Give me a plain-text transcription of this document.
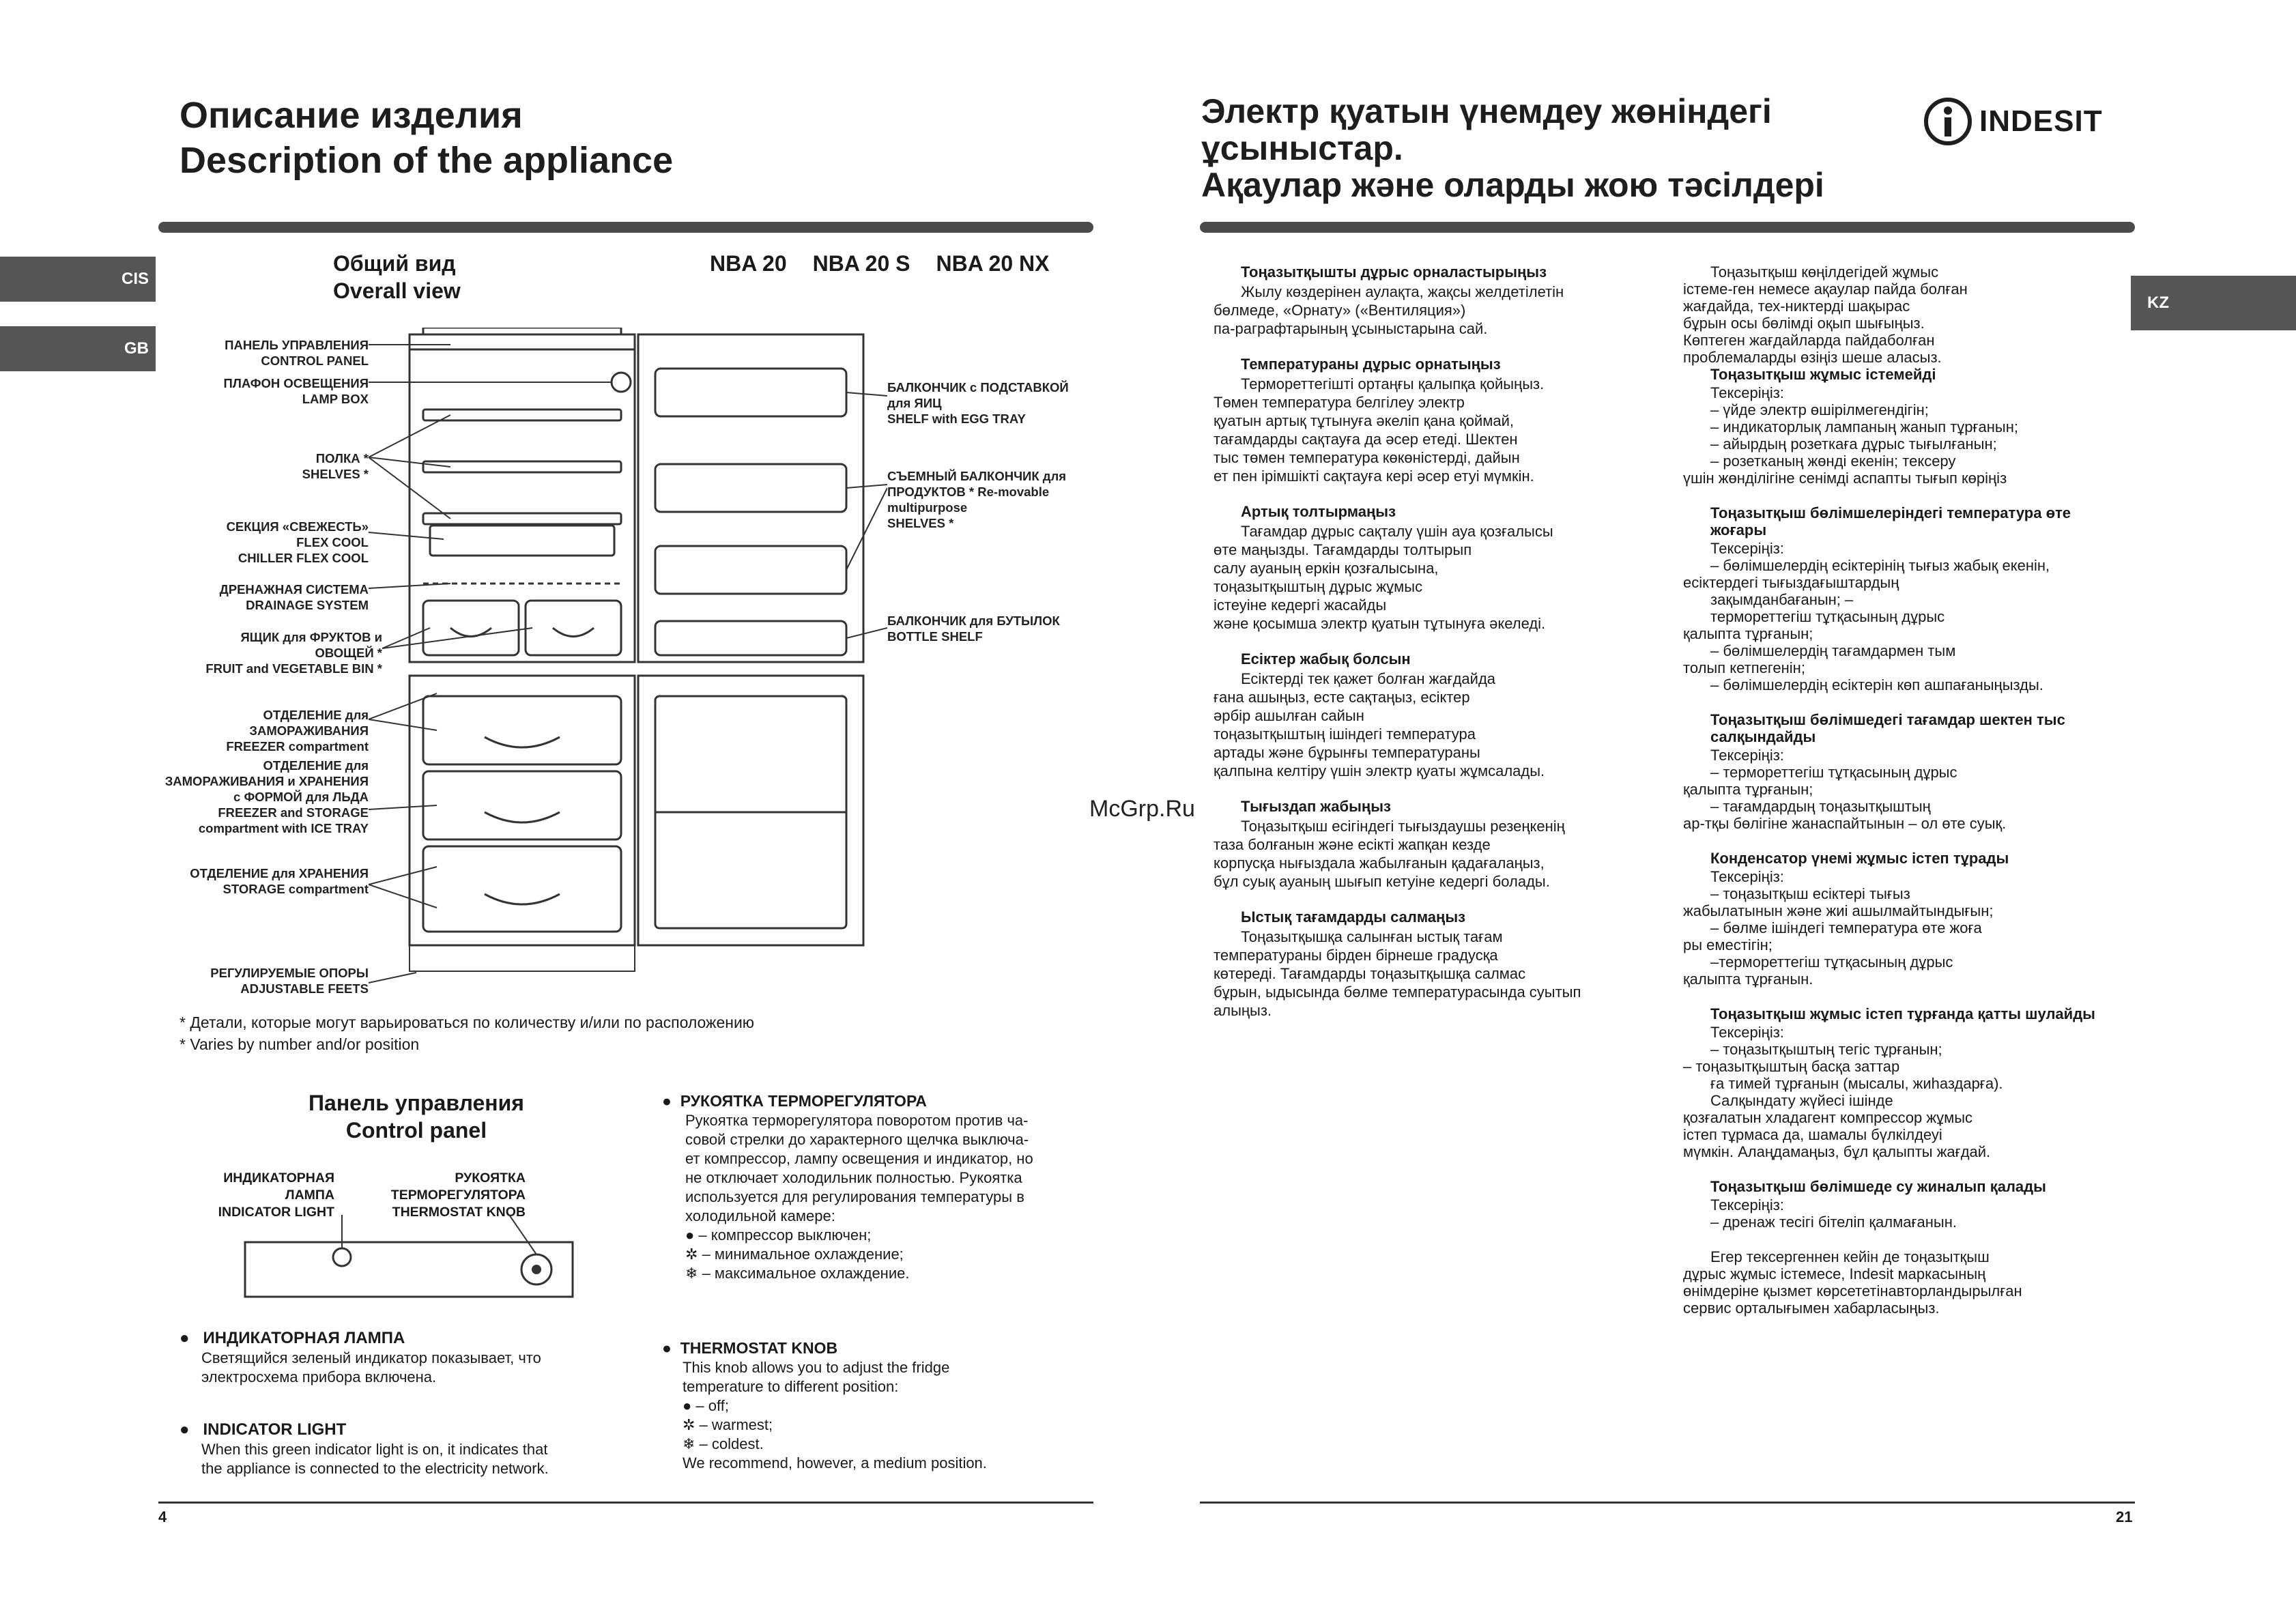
Описание изделия
Description of the appliance
CIS
GB
Общий вид
Overall view
NBA 20 NBA 20 S NBA 20 NX
ПАНЕЛЬ УПРАВЛЕНИЯ
CONTROL PANEL
ПЛАФОН ОСВЕЩЕНИЯ
LAMP BOX
ПОЛКА *
SHELVES *
СЕКЦИЯ «СВЕЖЕСТЬ» FLEX COOL
CHILLER FLEX COOL
ДРЕНАЖНАЯ СИСТЕМА
DRAINAGE SYSTEM
ЯЩИК для ФРУКТОВ и ОВОЩЕЙ *
FRUIT and VEGETABLE BIN *
ОТДЕЛЕНИЕ для ЗАМОРАЖИВАНИЯ
FREEZER compartment
ОТДЕЛЕНИЕ для ЗАМОРАЖИВАНИЯ и ХРАНЕНИЯ с ФОРМОЙ для ЛЬДА
FREEZER and STORAGE compartment with ICE TRAY
ОТДЕЛЕНИЕ для ХРАНЕНИЯ
STORAGE compartment
РЕГУЛИРУЕМЫЕ ОПОРЫ
ADJUSTABLE FEETS
БАЛКОНЧИК с ПОДСТАВКОЙ для ЯИЦ
SHELF with EGG TRAY
СЪЕМНЫЙ БАЛКОНЧИК для ПРОДУКТОВ * Re-movable multipurpose
SHELVES *
БАЛКОНЧИК для БУТЫЛОК
BOTTLE SHELF
* Детали, которые могут варьироваться по количеству и/или по расположению
* Varies by number and/or position
Панель управления
Control panel
ИНДИКАТОРНАЯ
ЛАМПА
INDICATOR LIGHT
РУКОЯТКА
ТЕРМОРЕГУЛЯТОРА
THERMOSTAT KNOB
● ИНДИКАТОРНАЯ ЛАМПА
Светящийся зеленый индикатор показывает, что
электросхема прибора включена.
● INDICATOR LIGHT
When this green indicator light is on, it indicates that
the appliance is connected to the electricity network.
● РУКОЯТКА ТЕРМОРЕГУЛЯТОРА
Рукоятка терморегулятора поворотом против ча-
совой стрелки до характерного щелчка выключа-
ет компрессор, лампу освещения и индикатор, но
не отключает холодильник полностью. Рукоятка
используется для регулирования температуры в
холодильной камере:
● – компрессор выключен;
✲ – минимальное охлаждение;
❄ – максимальное охлаждение.
● THERMOSTAT KNOB
This knob allows you to adjust the fridge
temperature to different position:
● – off;
✲ – warmest;
❄ – coldest.
We recommend, however, a medium position.
4
Электр қуатын үнемдеу жөніндегі
ұсыныстар.
Ақаулар және оларды жою тәсілдері
INDESIT
KZ
Тоңазытқышты дұрыс орналастырыңыз
Жылу көздерінен аулақта, жақсы желдетілетін
бөлмеде, «Орнату» («Вентиляция»)
па-раграфтарының ұсыныстарына сай.
Температураны дұрыс орнатыңыз
Термореттегішті ортаңғы қалыпқа қойыңыз.
Төмен температура белгілеу электр
қуатын артық тұтынуға әкеліп қана қоймай,
тағамдарды сақтауға да әсер етеді. Шектен
тыс төмен температура көкөністерді, дайын
ет пен ірімшікті сақтауға кері әсер етуі мүмкін.
Артық толтырмаңыз
Тағамдар дұрыс сақталу үшін ауа қозғалысы
өте маңызды. Тағамдарды толтырып
салу ауаның еркін қозғалысына,
тоңазытқыштың дұрыс жұмыс
істеуіне кедергі жасайды
және қосымша электр қуатын тұтынуға әкеледі.
Есіктер жабық болсын
Есіктерді тек қажет болған жағдайда
ғана ашыңыз, есте сақтаңыз, есіктер
әрбір ашылған сайын
тоңазытқыштың ішіндегі температура
артады және бұрынғы температураны
қалпына келтіру үшін электр қуаты жұмсалады.
Тығыздап жабыңыз
Тоңазытқыш есігіндегі тығыздаушы резеңкенің
таза болғанын және есікті жапқан кезде
корпусқа нығыздала жабылғанын қадағалаңыз,
бұл суық ауаның шығып кетуіне кедергі болады.
Ыстық тағамдарды салмаңыз
Тоңазытқышқа салынған ыстық тағам
температураны бірден бірнеше градусқа
көтереді. Тағамдарды тоңазытқышқа салмас
бұрын, ыдысында бөлме температурасында суытып
алыңыз.
McGrp.Ru
Тоңазытқыш көңілдегідей жұмыс
істеме-ген немесе ақаулар пайда болған
жағдайда, тех-никтерді шақырас
бұрын осы бөлімді оқып шығыңыз.
Көптеген жағдайларда пайдаболған
проблемаларды өзіңіз шеше аласыз.
Тоңазытқыш жұмыс істемейді
Тексеріңіз:
– үйде электр өшірілмегендігін;
– индикаторлық лампаның жанып тұрғанын;
– айырдың розеткаға дұрыс тығылғанын;
– розетканың жөнді екенін; тексеру
үшін жөнділігіне сенімді аспапты тығып көріңіз
Тоңазытқыш бөлімшелеріндегі температура өте жоғары
Тексеріңіз:
– бөлімшелердің есіктерінің тығыз жабық екенін,
есіктердегі тығыздағыштардың
зақымданбағанын; –
термореттегіш тұтқасының дұрыс
қалыпта тұрғанын;
– бөлімшелердің тағамдармен тым
толып кетпегенін;
– бөлімшелердің есіктерін көп ашпағаныңызды.
Тоңазытқыш бөлімшедегі тағамдар шектен тыс салқындайды
Тексеріңіз:
– термореттегіш тұтқасының дұрыс
қалыпта тұрғанын;
– тағамдардың тоңазытқыштың
ар-тқы бөлігіне жанаспайтынын – ол өте суық.
Конденсатор үнемі жұмыс істеп тұрады
Тексеріңіз:
– тоңазытқыш есіктері тығыз
жабылатынын және жиі ашылмайтындығын;
– бөлме ішіндегі температура өте жоға
ры еместігін;
–термореттегіш тұтқасының дұрыс
қалыпта тұрғанын.
Тоңазытқыш жұмыс істеп тұрғанда қатты шулайды
Тексеріңіз:
– тоңазытқыштың тегіс тұрғанын;
– тоңазытқыштың басқа заттар
ға тимей тұрғанын (мысалы, жиһаздарға).
Салқындату жүйесі ішінде
қозғалатын хладагент компрессор жұмыс
істеп тұрмаса да, шамалы бүлкілдеуі
мүмкін. Алаңдамаңыз, бұл қалыпты жағдай.
Тоңазытқыш бөлімшеде су жиналып қалады
Тексеріңіз:
– дренаж тесігі бітеліп қалмағанын.
Егер тексергеннен кейін де тоңазытқыш
дұрыс жұмыс істемесе, Indesit маркасының
өнімдеріне қызмет көрсететінавторландырылған
сервис орталығымен хабарласыңыз.
21
